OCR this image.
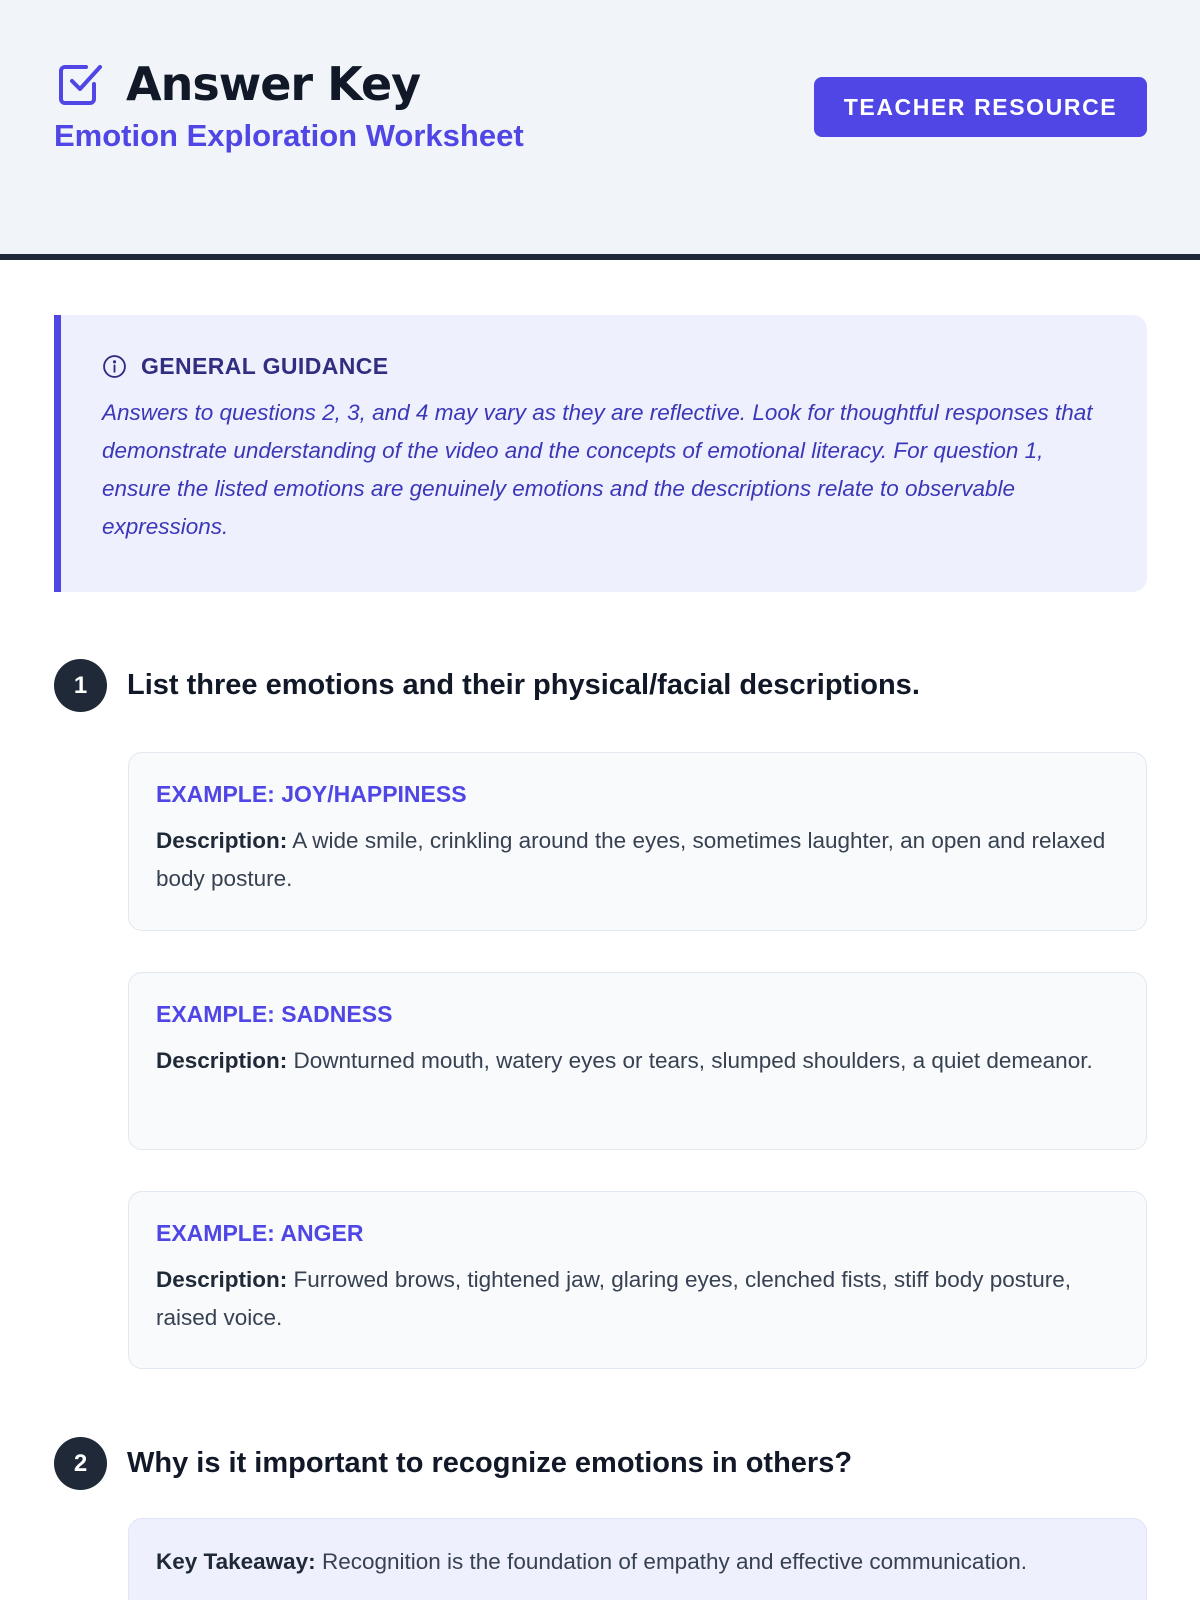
Answer Key
Emotion Exploration Worksheet
TEACHER RESOURCE
GENERAL GUIDANCE

Answers to questions 2, 3, and 4 may vary as they are reflective. Look for thoughtful responses that demonstrate understanding of the video and the concepts of emotional literacy. For question 1, ensure the listed emotions are genuinely emotions and the descriptions relate to observable expressions.

1	List three emotions and their physical/facial descriptions.
EXAMPLE: JOY/HAPPINESS

Description: A wide smile, crinkling around the eyes, sometimes laughter, an open and relaxed body posture.

EXAMPLE: SADNESS

Description: Downturned mouth, watery eyes or tears, slumped shoulders, a quiet demeanor.

EXAMPLE: ANGER

Description: Furrowed brows, tightened jaw, glaring eyes, clenched fists, stiff body posture, raised voice.

2	Why is it important to recognize emotions in others?

Key Takeaway: Recognition is the foundation of empathy and effective communication.
